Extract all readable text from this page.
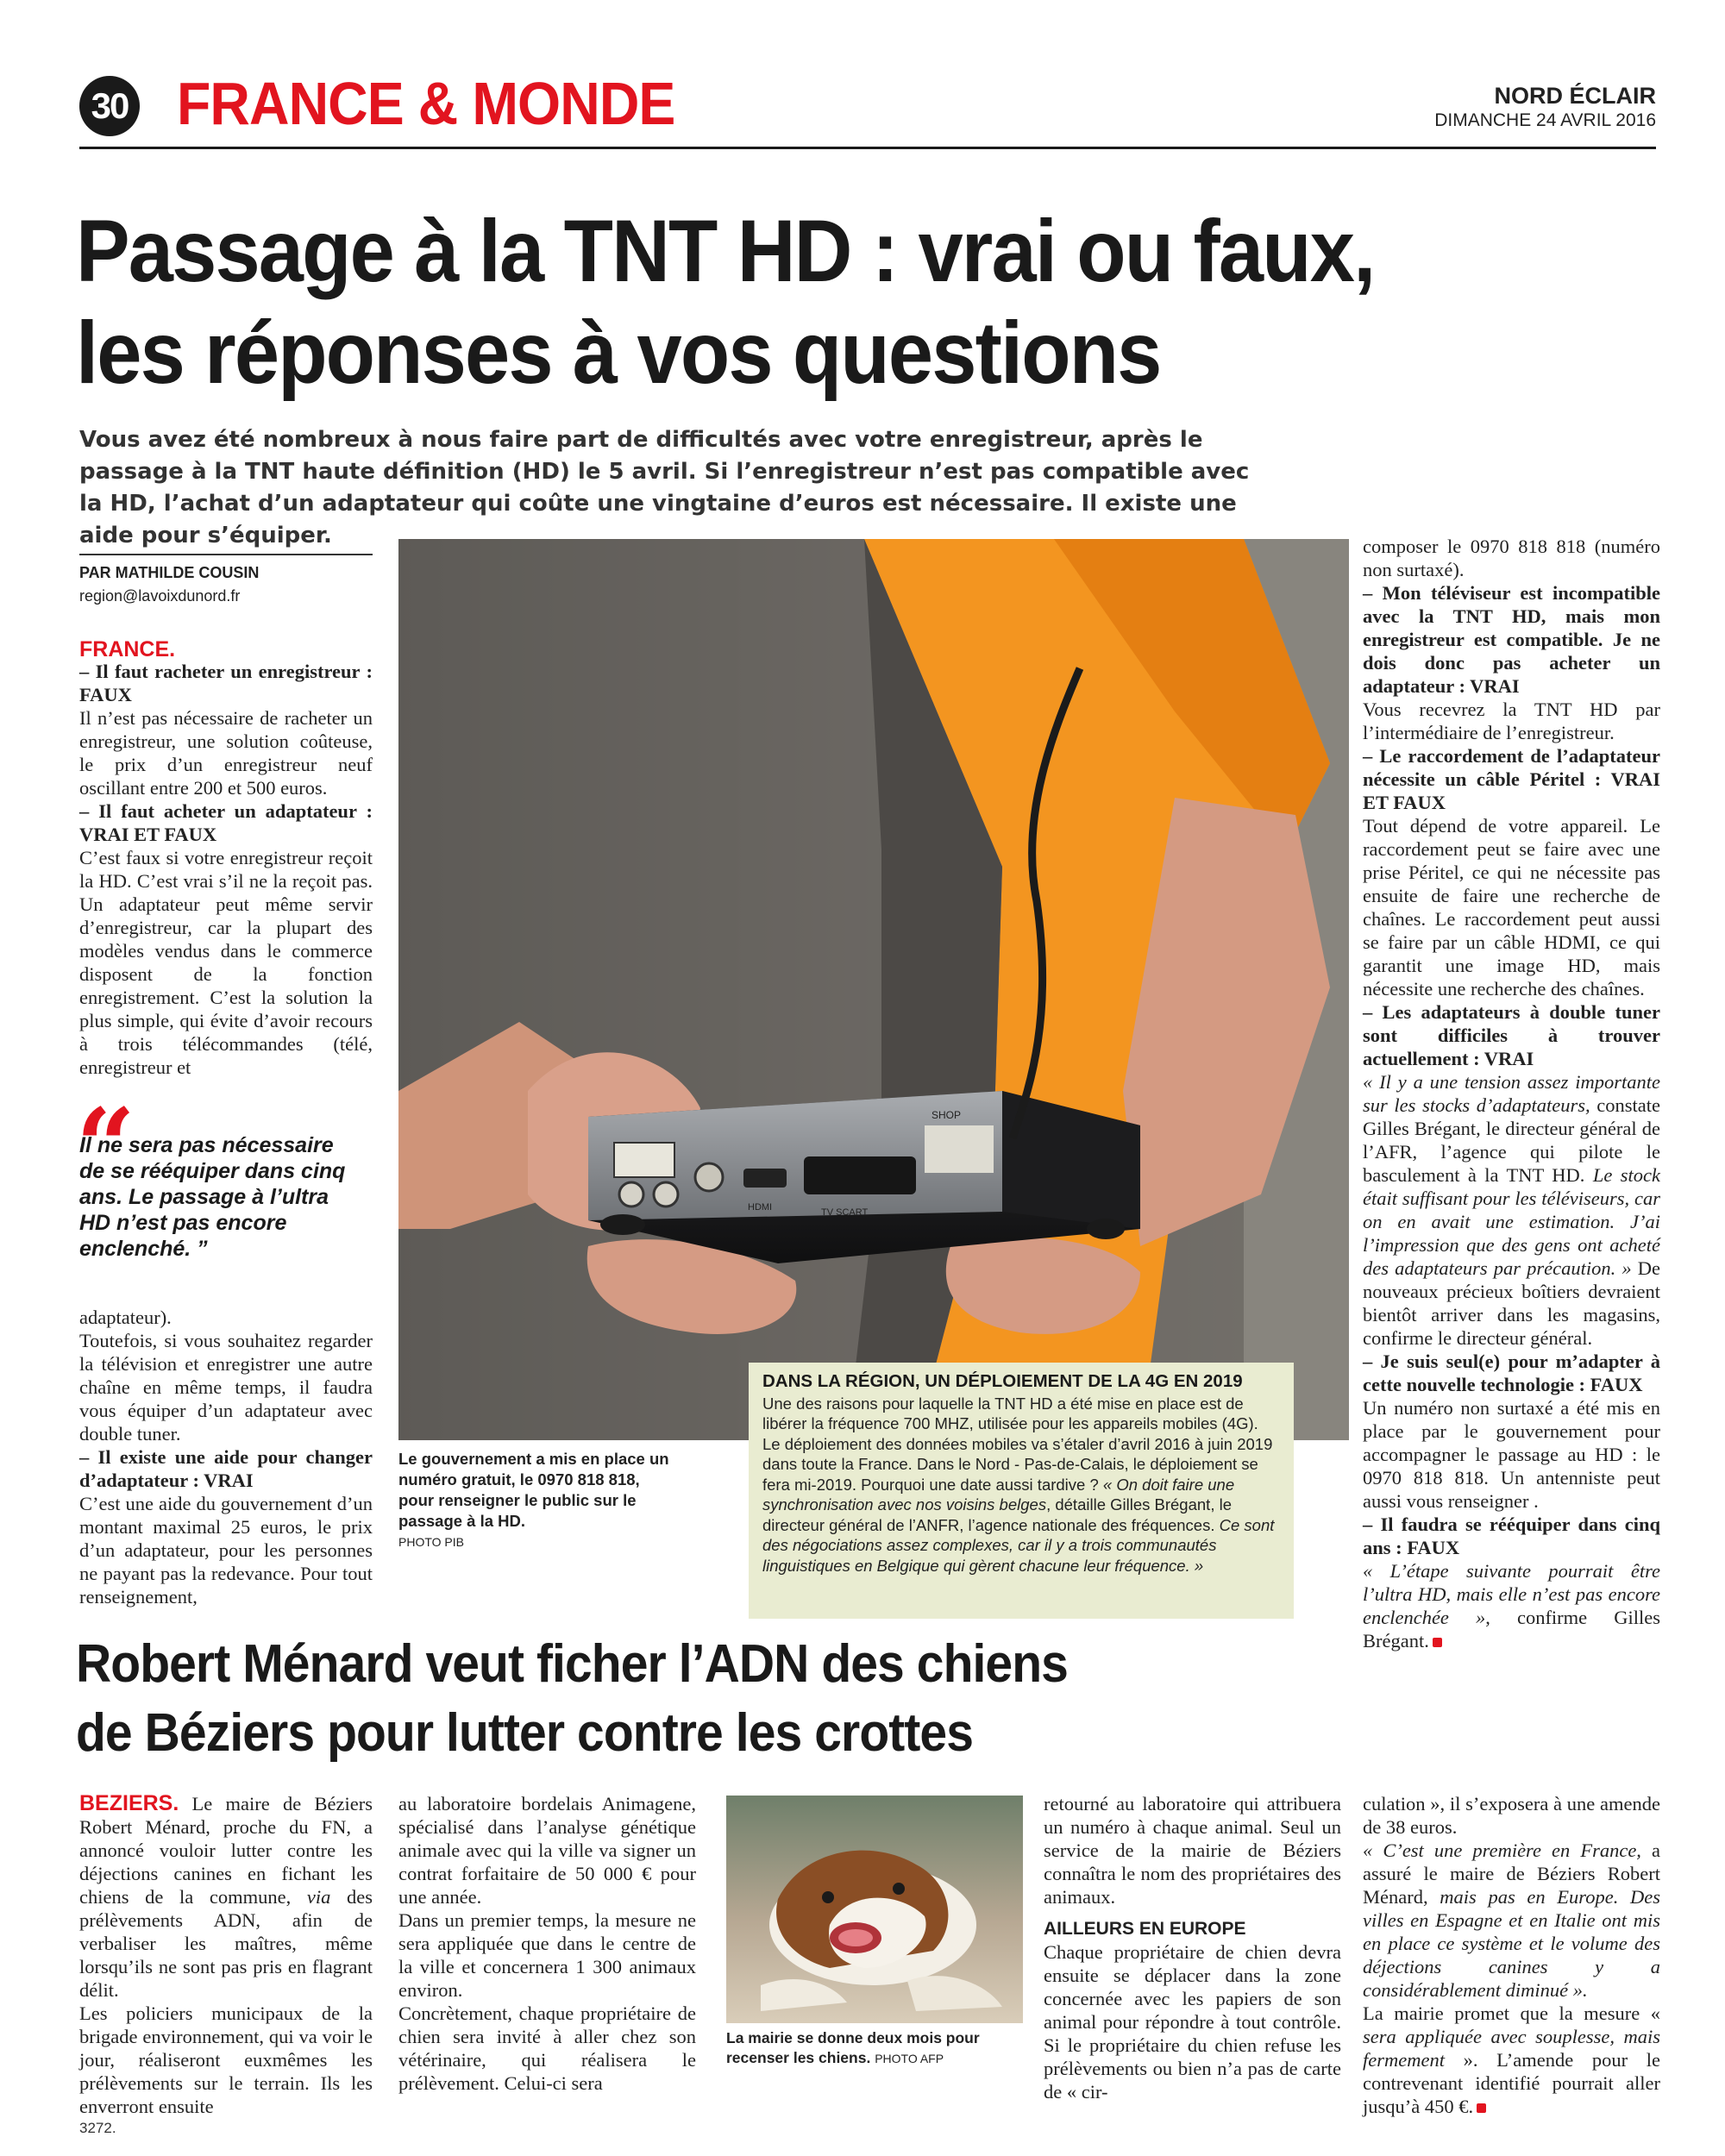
30 FRANCE & MONDE	NORD ÉCLAIR
DIMANCHE 24 AVRIL 2016
Passage à la TNT HD : vrai ou faux,
les réponses à vos questions
Vous avez été nombreux à nous faire part de difficultés avec votre enregistreur, après le passage à la TNT haute définition (HD) le 5 avril. Si l’enregistreur n’est pas compatible avec la HD, l’achat d’un adaptateur qui coûte une vingtaine d’euros est nécessaire. Il existe une aide pour s’équiper.
PAR MATHILDE COUSIN
region@lavoixdunord.fr
FRANCE.
– Il faut racheter un enregistreur : FAUX
Il n’est pas nécessaire de racheter un enregistreur, une solution coûteuse, le prix d’un enregistreur neuf oscillant entre 200 et 500 euros.
– Il faut acheter un adaptateur : VRAI ET FAUX
C’est faux si votre enregistreur reçoit la HD. C’est vrai s’il ne la reçoit pas. Un adaptateur peut même servir d’enregistreur, car la plupart des modèles vendus dans le commerce disposent de la fonction enregistrement. C’est la solution la plus simple, qui évite d’avoir recours à trois télécommandes (télé, enregistreur et
“
Il ne sera pas nécessaire de se rééquiper dans cinq ans. Le passage à l’ultra HD n’est pas encore enclenché. ”
adaptateur).
Toutefois, si vous souhaitez regarder la télévision et enregistrer une autre chaîne en même temps, il faudra vous équiper d’un adaptateur avec double tuner.
– Il existe une aide pour changer d’adaptateur : VRAI
C’est une aide du gouvernement d’un montant maximal 25 euros, le prix d’un adaptateur, pour les personnes ne payant pas la redevance. Pour tout renseignement,
HDMI	TV SCART
SHOP
Le gouvernement a mis en place un numéro gratuit, le 0970 818 818, pour renseigner le public sur le passage à la HD.
PHOTO PIB
DANS LA RÉGION, UN DÉPLOIEMENT DE LA 4G EN 2019
Une des raisons pour laquelle la TNT HD a été mise en place est de libérer la fréquence 700 MHZ, utilisée pour les appareils mobiles (4G). Le déploiement des données mobiles va s’étaler d’avril 2016 à juin 2019 dans toute la France. Dans le Nord - Pas-de-Calais, le déploiement se fera mi-2019. Pourquoi une date aussi tardive ? « On doit faire une synchronisation avec nos voisins belges, détaille Gilles Brégant, le directeur général de l’ANFR, l’agence nationale des fréquences. Ce sont des négociations assez complexes, car il y a trois communautés linguistiques en Belgique qui gèrent chacune leur fréquence. »
composer le 0970 818 818 (numéro non surtaxé).
– Mon téléviseur est incompatible avec la TNT HD, mais mon enregistreur est compatible. Je ne dois donc pas acheter un adaptateur : VRAI
Vous recevrez la TNT HD par l’intermédiaire de l’enregistreur.
– Le raccordement de l’adaptateur nécessite un câble Péritel : VRAI ET FAUX
Tout dépend de votre appareil. Le raccordement peut se faire avec une prise Péritel, ce qui ne nécessite pas ensuite de faire une recherche de chaînes. Le raccordement peut aussi se faire par un câble HDMI, ce qui garantit une image HD, mais nécessite une recherche des chaînes.
– Les adaptateurs à double tuner sont difficiles à trouver actuellement : VRAI
« Il y a une tension assez importante sur les stocks d’adaptateurs, constate Gilles Brégant, le directeur général de l’AFR, l’agence qui pilote le basculement à la TNT HD. Le stock était suffisant pour les téléviseurs, car on en avait une estimation. J’ai l’impression que des gens ont acheté des adaptateurs par précaution. » De nouveaux précieux boîtiers devraient bientôt arriver dans les magasins, confirme le directeur général.
– Je suis seul(e) pour m’adapter à cette nouvelle technologie : FAUX
Un numéro non surtaxé a été mis en place par le gouvernement pour accompagner le passage au HD : le 0970 818 818. Un antenniste peut aussi vous renseigner .
– Il faudra se rééquiper dans cinq ans : FAUX
« L’étape suivante pourrait être l’ultra HD, mais elle n’est pas encore enclenchée », confirme Gilles Brégant.
Robert Ménard veut ficher l’ADN des chiens
de Béziers pour lutter contre les crottes
BEZIERS. Le maire de Béziers Robert Ménard, proche du FN, a annoncé vouloir lutter contre les déjections canines en fichant les chiens de la commune, via des prélèvements ADN, afin de verbaliser les maîtres, même lorsqu’ils ne sont pas pris en flagrant délit.
Les policiers municipaux de la brigade environnement, qui va voir le jour, réaliseront euxmêmes les prélèvements sur le terrain. Ils les enverront ensuite
au laboratoire bordelais Animagene, spécialisé dans l’analyse génétique animale avec qui la ville va signer un contrat forfaitaire de 50 000 € pour une année.
Dans un premier temps, la mesure ne sera appliquée que dans le centre de la ville et concernera 1 300 animaux environ.
Concrètement, chaque propriétaire de chien sera invité à aller chez son vétérinaire, qui réalisera le prélèvement. Celui-ci sera
La mairie se donne deux mois pour recenser les chiens. PHOTO AFP
retourné au laboratoire qui attribuera un numéro à chaque animal. Seul un service de la mairie de Béziers connaîtra le nom des propriétaires des animaux.
AILLEURS EN EUROPE
Chaque propriétaire de chien devra ensuite se déplacer dans la zone concernée avec les papiers de son animal pour répondre à tout contrôle. Si le propriétaire du chien refuse les prélèvements ou bien n’a pas de carte de « cir-
culation », il s’exposera à une amende de 38 euros.
« C’est une première en France, a assuré le maire de Béziers Robert Ménard, mais pas en Europe. Des villes en Espagne et en Italie ont mis en place ce système et le volume des déjections canines y a considérablement diminué ».
La mairie promet que la mesure « sera appliquée avec souplesse, mais fermement ». L’amende pour le contrevenant identifié pourrait aller jusqu’à 450 €.
3272.
